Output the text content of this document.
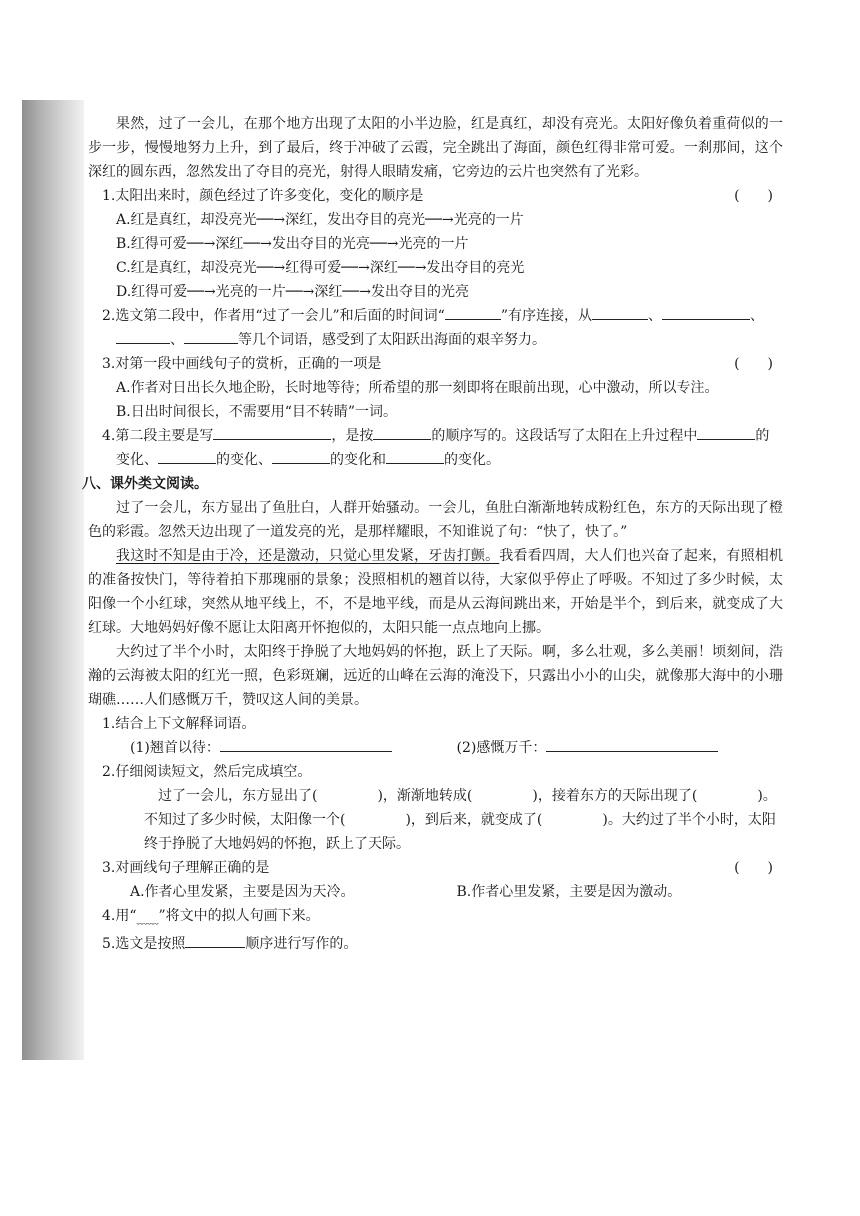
果然，过了一会儿，在那个地方出现了太阳的小半边脸，红是真红，却没有亮光。太阳好像负着重荷似的一步一步，慢慢地努力上升，到了最后，终于冲破了云霞，完全跳出了海面，颜色红得非常可爱。一刹那间，这个深红的圆东西，忽然发出了夺目的亮光，射得人眼睛发痛，它旁边的云片也突然有了光彩。

1.太阳出来时，颜色经过了许多变化，变化的顺序是	(　　)

A.红是真红，却没亮光──→深红，发出夺目的亮光──→光亮的一片

B.红得可爱──→深红──→发出夺目的光亮──→光亮的一片

C.红是真红，却没亮光──→红得可爱──→深红──→发出夺目的亮光

D.红得可爱──→光亮的一片──→深红──→发出夺目的光亮

2.选文第二段中，作者用“过了一会儿”和后面的时间词“	”有序连接，从	、	、、	等几个词语，感受到了太阳跃出海面的艰辛努力。

3.对第一段中画线句子的赏析，正确的一项是	(　　)

A.作者对日出长久地企盼，长时地等待；所希望的那一刻即将在眼前出现，心中激动，所以专注。

B.日出时间很长，不需要用“目不转睛”一词。

4.第二段主要是写	，是按	的顺序写的。这段话写了太阳在上升过程中	的变化、	的变化、	的变化和	的变化。

八、课外类文阅读。

过了一会儿，东方显出了鱼肚白，人群开始骚动。一会儿，鱼肚白渐渐地转成粉红色，东方的天际出现了橙色的彩霞。忽然天边出现了一道发亮的光，是那样耀眼，不知谁说了句：“快了，快了。”

我这时不知是由于冷，还是激动，只觉心里发紧，牙齿打颤。我看看四周，大人们也兴奋了起来，有照相机的准备按快门，等待着拍下那瑰丽的景象；没照相机的翘首以待，大家似乎停止了呼吸。不知过了多少时候，太阳像一个小红球，突然从地平线上，不，不是地平线，而是从云海间跳出来，开始是半个，到后来，就变成了大红球。大地妈妈好像不愿让太阳离开怀抱似的，太阳只能一点点地向上挪。

大约过了半个小时，太阳终于挣脱了大地妈妈的怀抱，跃上了天际。啊，多么壮观，多么美丽！顷刻间，浩瀚的云海被太阳的红光一照，色彩斑斓，远近的山峰在云海的淹没下，只露出小小的山尖，就像那大海中的小珊瑚礁……人们感慨万千，赞叹这人间的美景。

1.结合上下文解释词语。

(1)翘首以待：	(2)感慨万千：

2.仔细阅读短文，然后完成填空。

过了一会儿，东方显出了(	)，渐渐地转成(	)，接着东方的天际出现了(	)。不知过了多少时候，太阳像一个(	)，到后来，就变成了(	)。大约过了半个小时，太阳终于挣脱了大地妈妈的怀抱，跃上了天际。

3.对画线句子理解正确的是	(　　)
A.作者心里发紧，主要是因为天冷。	B.作者心里发紧，主要是因为激动。

4.用“$_{﹏﹏}$”将文中的拟人句画下来。

5.选文是按照	顺序进行写作的。
